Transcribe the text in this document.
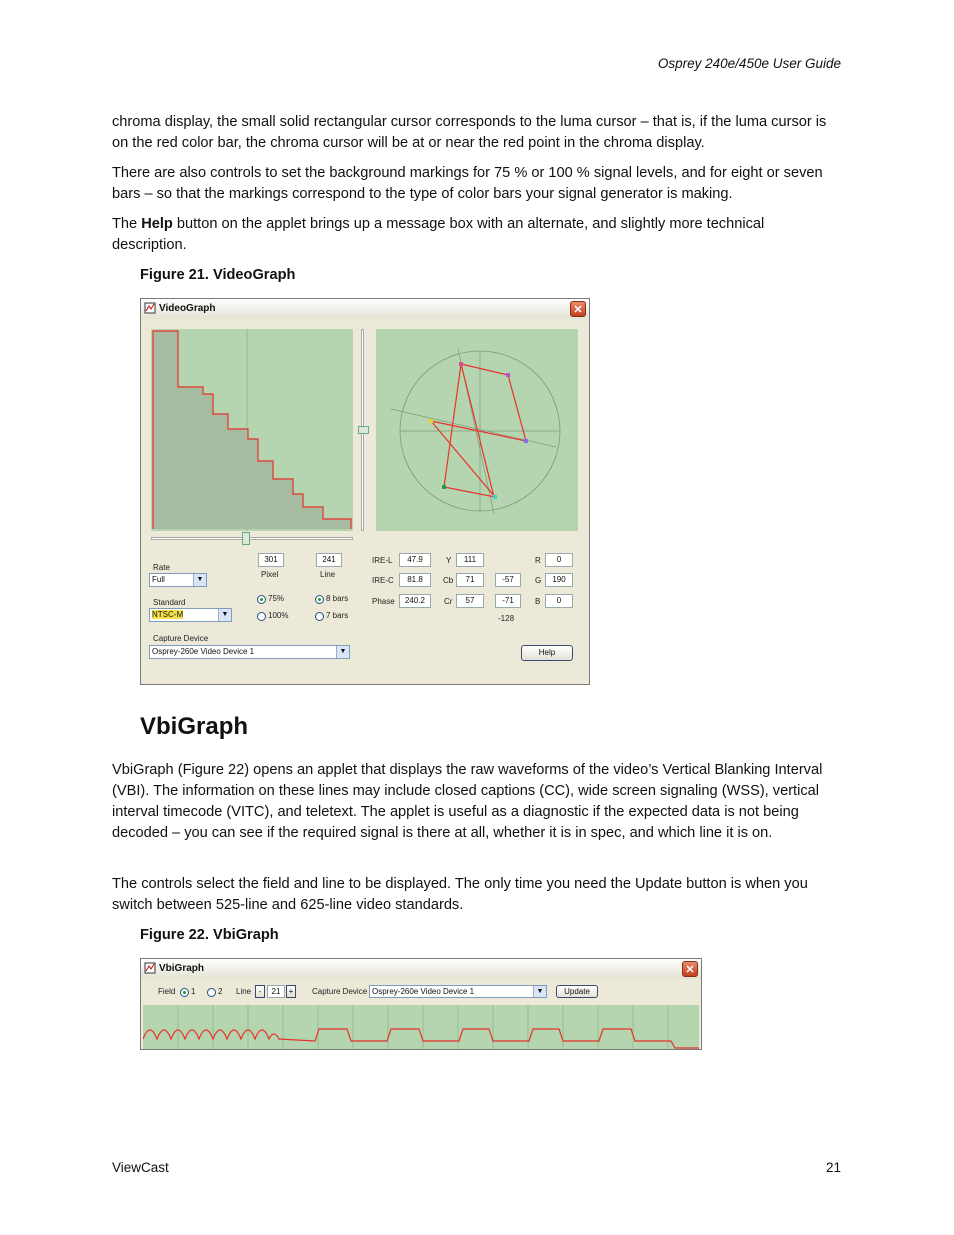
Osprey 240e/450e User Guide
chroma display, the small solid rectangular cursor corresponds to the luma cursor – that is, if the luma cursor is on the red color bar, the chroma cursor will be at or near the red point in the chroma display.
There are also controls to set the background markings for 75 % or 100 % signal levels, and for eight or seven bars – so that the markings correspond to the type of color bars your signal generator is making.
The Help button on the applet brings up a message box with an alternate, and slightly more technical description.
Figure 21. VideoGraph
VideoGraph	✕
Rate
Full	▼
Standard
NTSC-M	▼
Capture Device
Osprey-260e Video Device 1	▼
301
Pixel
241
Line
75%
100%
8 bars
7 bars
IRE-L	47.9
IRE-C	81.8
Phase	240.2
Y	111
Cb	71	-57
Cr	57	-71
-128
R	0
G	190
B	0
Help
VbiGraph
VbiGraph (Figure 22) opens an applet that displays the raw waveforms of the video’s Vertical Blanking Interval (VBI). The information on these lines may include closed captions (CC), wide screen signaling (WSS), vertical interval timecode (VITC), and teletext. The applet is useful as a diagnostic if the expected data is not being decoded – you can see if the required signal is there at all, whether it is in spec, and which line it is on.
The controls select the field and line to be displayed. The only time you need the Update button is when you switch between 525-line and 625-line video standards.
Figure 22. VbiGraph
VbiGraph	✕
Field 1	2 Line -	21	+	Capture Device Osprey-260e Video Device 1	▼	Update
ViewCast	21
